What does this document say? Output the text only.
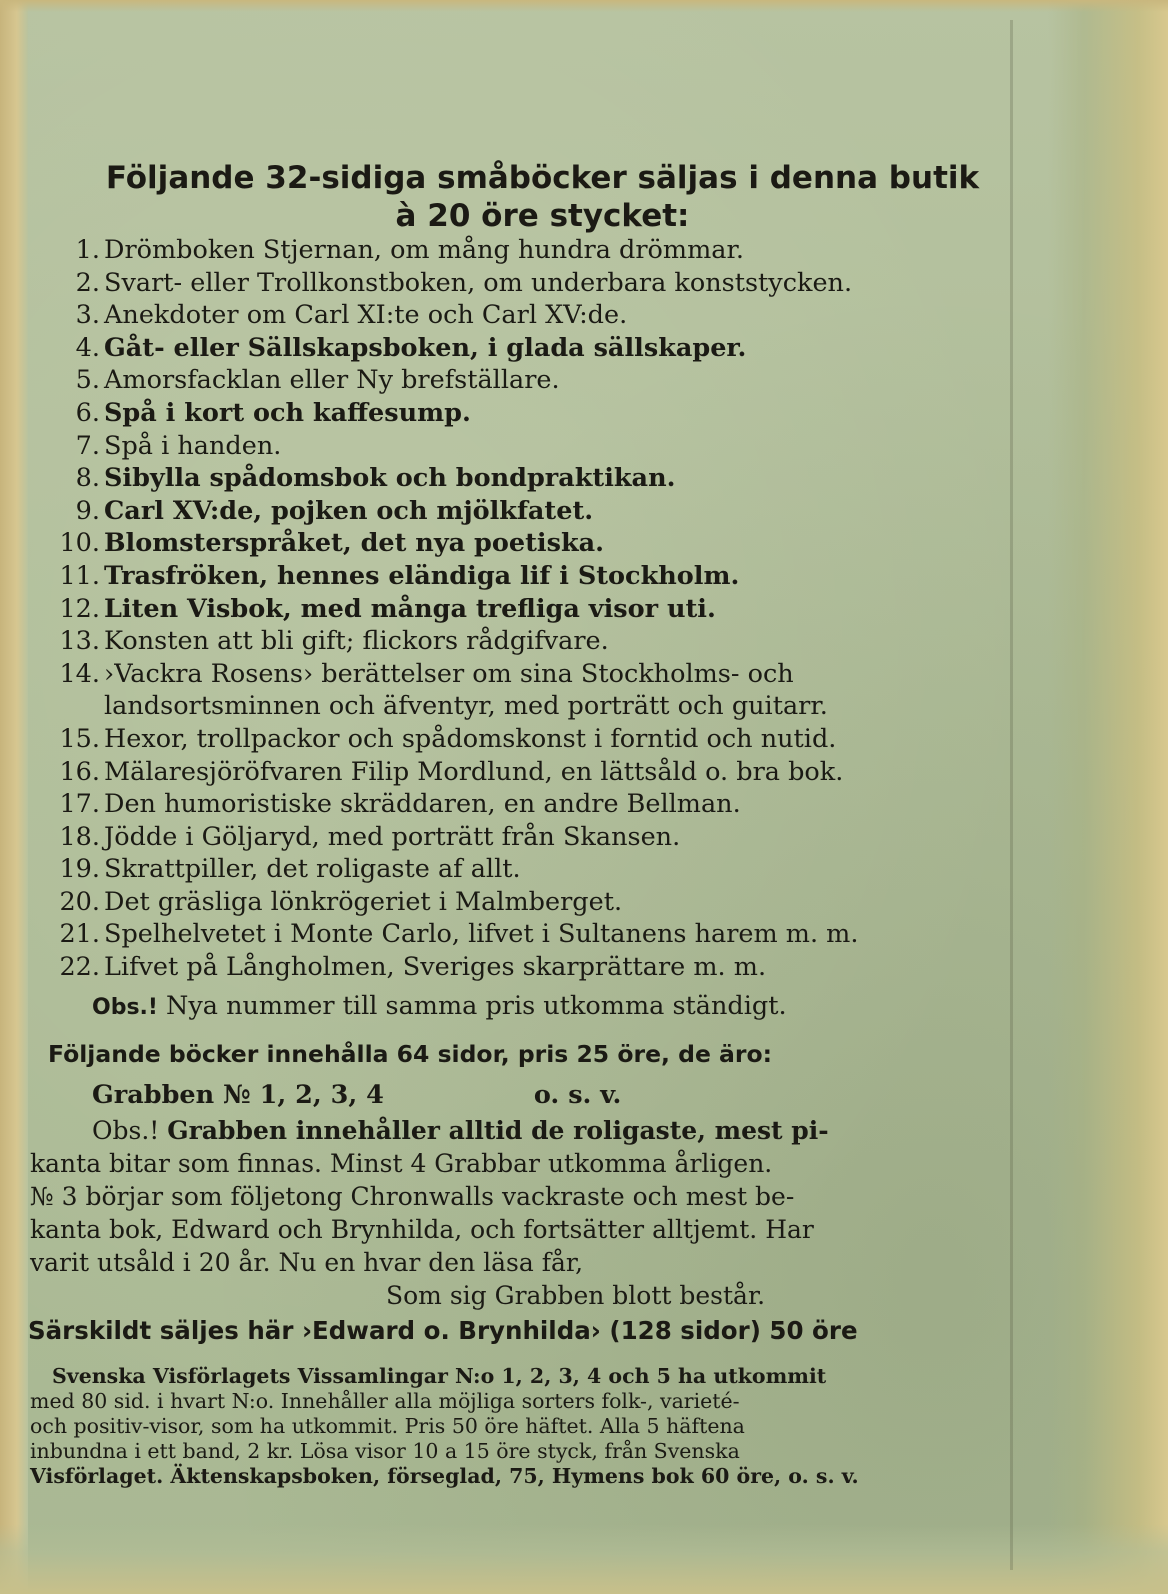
Följande 32-sidiga småböcker säljas i denna butik
à 20 öre stycket:
1. Drömboken Stjernan, om mång hundra drömmar.
2. Svart- eller Trollkonstboken, om underbara konststycken.
3. Anekdoter om Carl XI:te och Carl XV:de.
4. Gåt- eller Sällskapsboken, i glada sällskaper.
5. Amorsfacklan eller Ny brefställare.
6. Spå i kort och kaffesump.
7. Spå i handen.
8. Sibylla spådomsbok och bondpraktikan.
9. Carl XV:de, pojken och mjölkfatet.
10. Blomsterspråket, det nya poetiska.
11. Trasfröken, hennes eländiga lif i Stockholm.
12. Liten Visbok, med många trefliga visor uti.
13. Konsten att bli gift; flickors rådgifvare.
14. ›Vackra Rosens› berättelser om sina Stockholms- och
landsortsminnen och äfventyr, med porträtt och guitarr.
15. Hexor, trollpackor och spådomskonst i forntid och nutid.
16. Mälaresjöröfvaren Filip Mordlund, en lättsåld o. bra bok.
17. Den humoristiske skräddaren, en andre Bellman.
18. Jödde i Göljaryd, med porträtt från Skansen.
19. Skrattpiller, det roligaste af allt.
20. Det gräsliga lönkrögeriet i Malmberget.
21. Spelhelvetet i Monte Carlo, lifvet i Sultanens harem m. m.
22. Lifvet på Långholmen, Sveriges skarprättare m. m.
Obs.! Nya nummer till samma pris utkomma ständigt.
Följande böcker innehålla 64 sidor, pris 25 öre, de äro:
Grabben № 1, 2, 3, 4	o. s. v.
Obs.! Grabben innehåller alltid de roligaste, mest pi-
kanta bitar som finnas. Minst 4 Grabbar utkomma årligen.
№ 3 börjar som följetong Chronwalls vackraste och mest be-
kanta bok, Edward och Brynhilda, och fortsätter alltjemt. Har
varit utsåld i 20 år. Nu en hvar den läsa får,
Som sig Grabben blott består.
Särskildt säljes här ›Edward o. Brynhilda› (128 sidor) 50 öre
Svenska Visförlagets Vissamlingar N:o 1, 2, 3, 4 och 5 ha utkommit
med 80 sid. i hvart N:o. Innehåller alla möjliga sorters folk-, varieté-
och positiv-visor, som ha utkommit. Pris 50 öre häftet. Alla 5 häftena
inbundna i ett band, 2 kr. Lösa visor 10 a 15 öre styck, från Svenska
Visförlaget. Äktenskapsboken, förseglad, 75, Hymens bok 60 öre, o. s. v.
